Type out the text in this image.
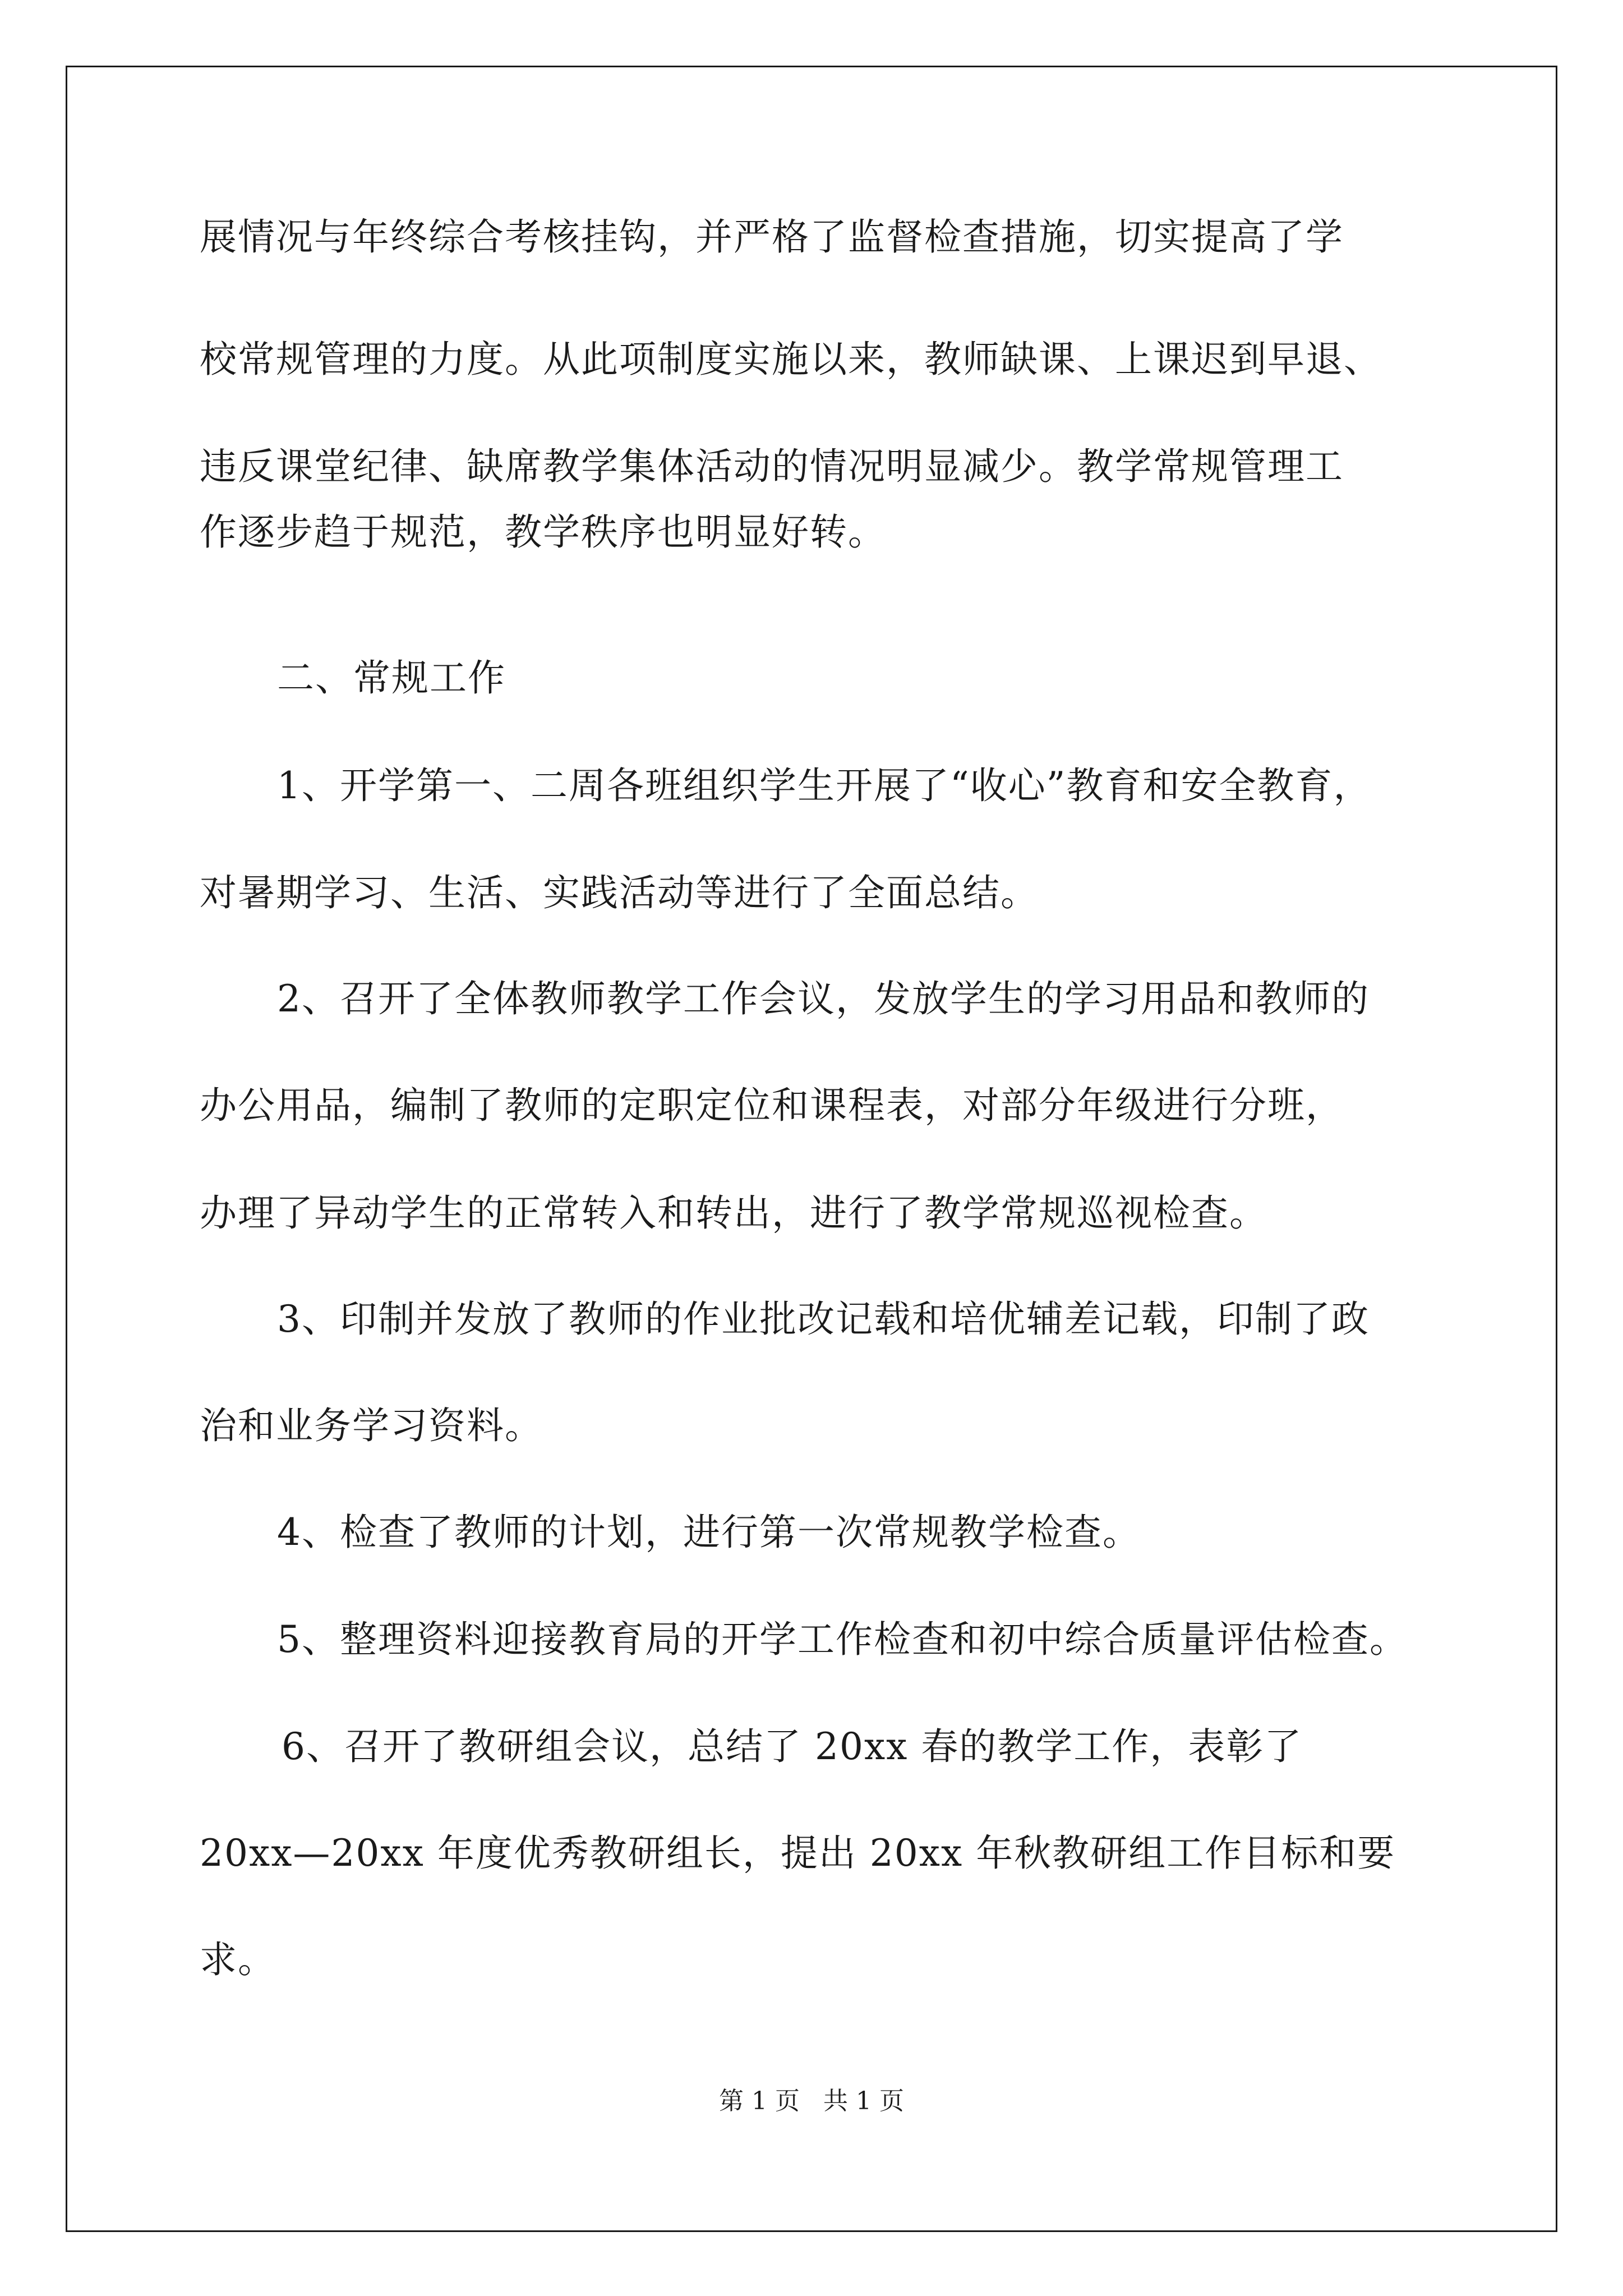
展情况与年终综合考核挂钩，并严格了监督检查措施，切实提高了学
校常规管理的力度。从此项制度实施以来，教师缺课、上课迟到早退、
违反课堂纪律、缺席教学集体活动的情况明显减少。教学常规管理工
作逐步趋于规范，教学秩序也明显好转。
二、常规工作
1、开学第一、二周各班组织学生开展了“收心”教育和安全教育，
对暑期学习、生活、实践活动等进行了全面总结。
2、召开了全体教师教学工作会议，发放学生的学习用品和教师的
办公用品，编制了教师的定职定位和课程表，对部分年级进行分班，
办理了异动学生的正常转入和转出，进行了教学常规巡视检查。
3、印制并发放了教师的作业批改记载和培优辅差记载，印制了政
治和业务学习资料。
4、检查了教师的计划，进行第一次常规教学检查。
5、整理资料迎接教育局的开学工作检查和初中综合质量评估检查。
6、召开了教研组会议，总结了 20xx 春的教学工作，表彰了
20xx—20xx 年度优秀教研组长，提出 20xx 年秋教研组工作目标和要
求。
第 1 页 共 1 页
